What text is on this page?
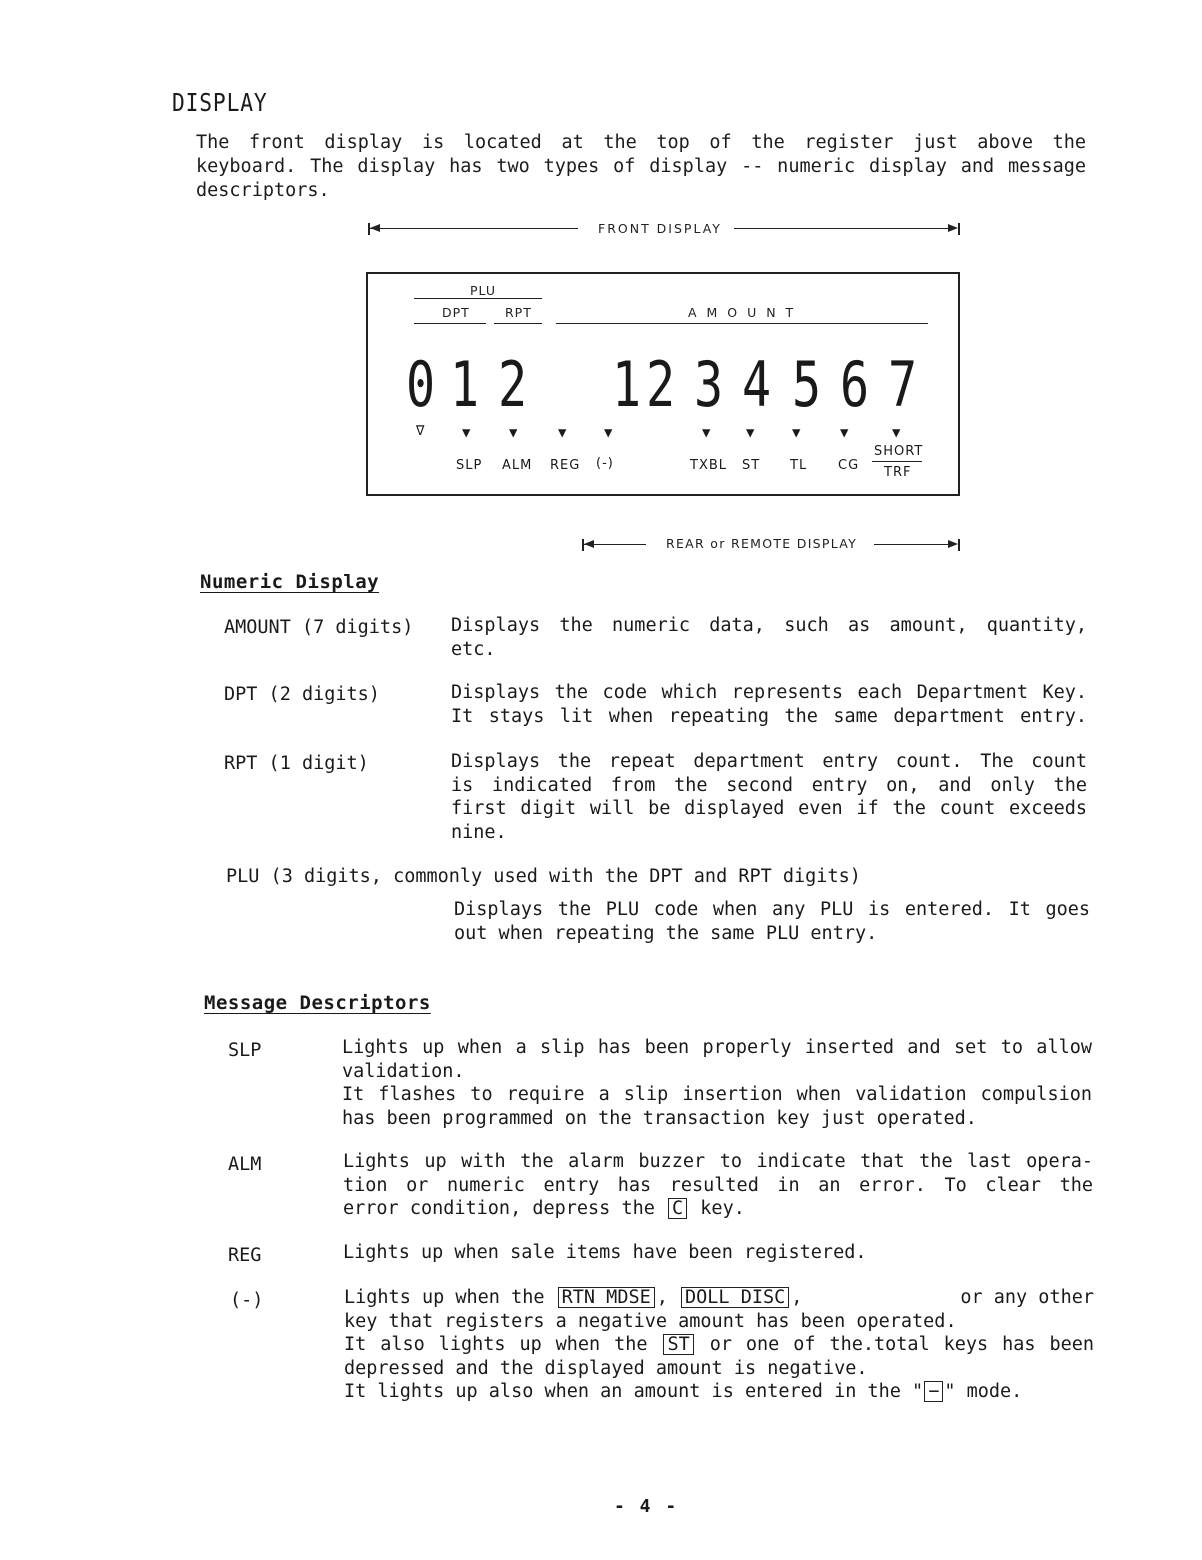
DISPLAY
The front display is located at the top of the register just above the keyboard. The display has two types of display -- numeric display and message descriptors.
FRONT DISPLAY
PLU
DPT	RPT	A M O U N T
0 1 2 1 2 3 4 5 6 7
∇	▼	▼	▼	▼	▼	▼	▼	▼	▼
SLP ALM REG (-)	TXBL ST TL CG
SHORT
TRF
REAR or REMOTE DISPLAY
Numeric Display
AMOUNT (7 digits) Displays the numeric data, such as amount, quantity,
etc.
DPT (2 digits)	Displays the code which represents each Department Key.
It stays lit when repeating the same department entry.
RPT (1 digit)	Displays the repeat department entry count. The count
is indicated from the second entry on, and only the
first digit will be displayed even if the count exceeds
nine.
PLU (3 digits, commonly used with the DPT and RPT digits)
Displays the PLU code when any PLU is entered. It goes
out when repeating the same PLU entry.
Message Descriptors
SLP	Lights up when a slip has been properly inserted and set to allow
validation.
It flashes to require a slip insertion when validation compulsion
has been programmed on the transaction key just operated.
ALM	Lights up with the alarm buzzer to indicate that the last opera-
tion or numeric entry has resulted in an error. To clear the
error condition, depress the C key.
REG	Lights up when sale items have been registered.
(-)	Lights up when the RTN MDSE , DOLL DISC ,	or any other
key that registers a negative amount has been operated.
It also lights up when the ST or one of the.total keys has been
depressed and the displayed amount is negative.
It lights up also when an amount is entered in the " − " mode.
- 4 -
